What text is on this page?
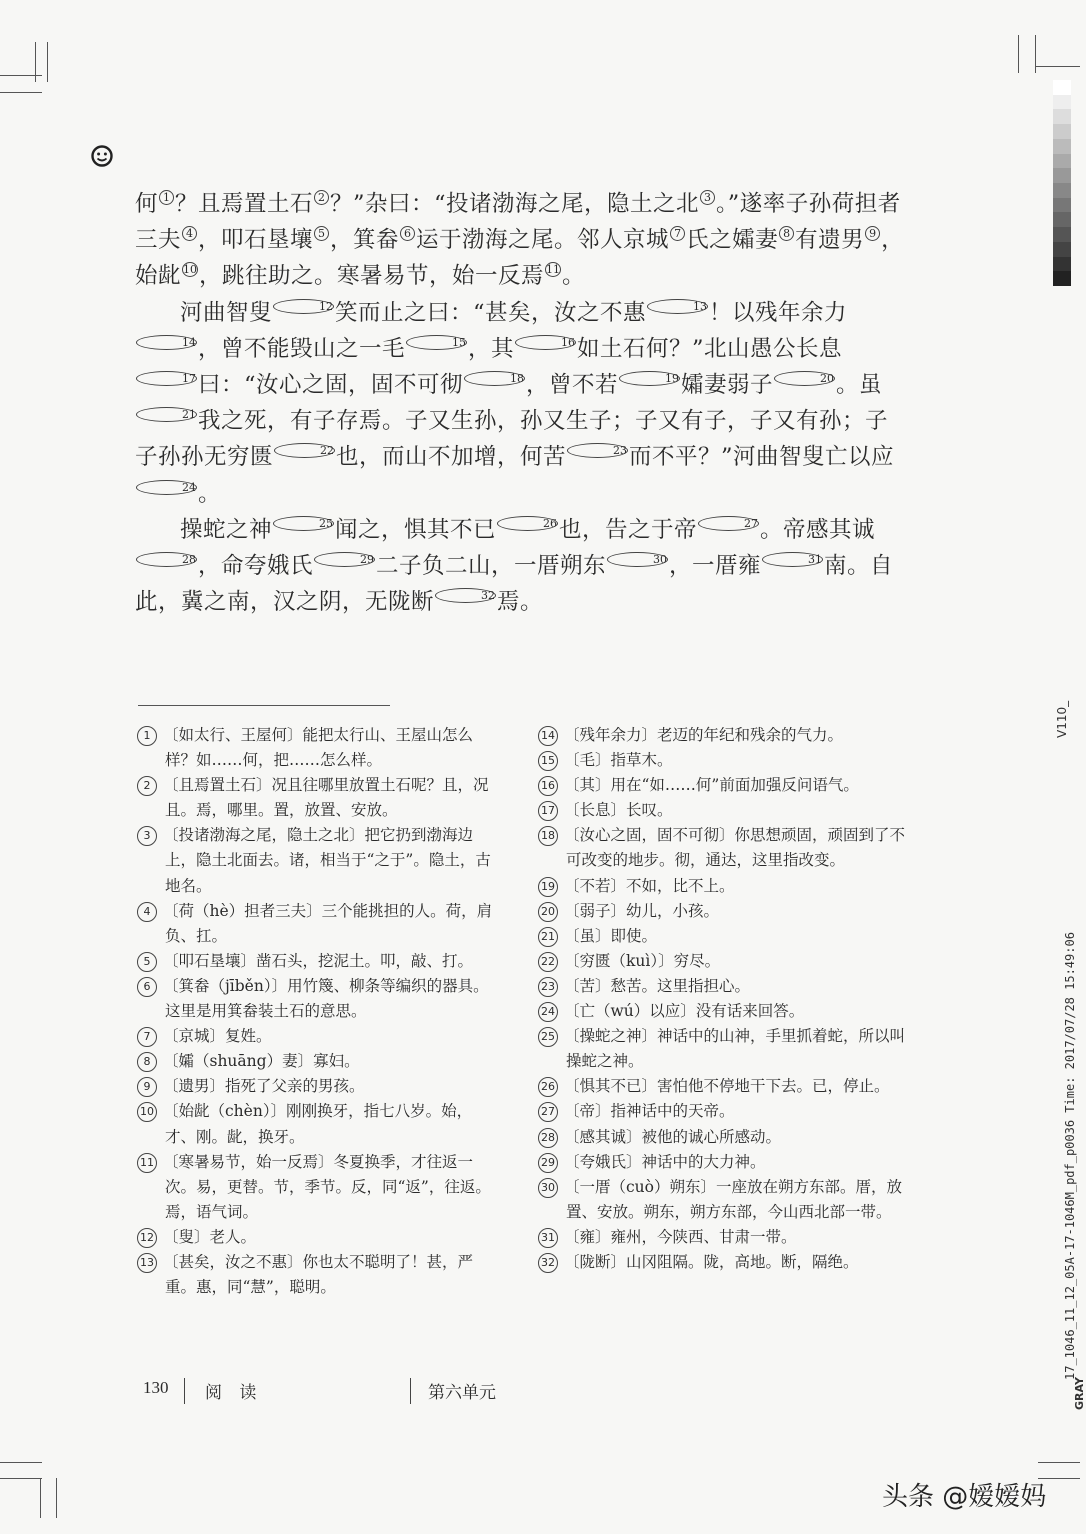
何 1 ？且焉置土石 2 ？”杂曰：“投诸渤海之尾，隐土之北 3 。”遂率子孙荷担者三夫 4 ，叩石垦壤 5 ，箕畚 6 运于渤海之尾。邻人京城 7 氏之孀妻 8 有遗男 9 ，始龀 10，跳往助之。寒暑易节，始一反焉 11。

河曲智叟	12笑而止之曰：“甚矣，汝之不惠	13！以残年余力14，曾不能毁山之一毛	15，其	16如土石何？”北山愚公长息17曰：“汝心之固，固不可彻	18，曾不若	19孀妻弱子	20。虽21我之死，有子存焉。子又生孙，孙又生子；子又有子，子又有孙；子子孙孙无穷匮	22也，而山不加增，何苦	23而不平？”河曲智叟亡以应24。

操蛇之神	25闻之，惧其不已	26也，告之于帝	27。帝感其诚28，命夸娥氏	29二子负二山，一厝朔东	30，一厝雍	31南。自此，冀之南，汉之阴，无陇断	32焉。

1 〔如太行、王屋何〕能把太行山、王屋山怎么样？如……何，把……怎么样。

2 〔且焉置土石〕况且往哪里放置土石呢？且，况且。焉，哪里。置，放置、安放。

3 〔投诸渤海之尾，隐土之北〕把它扔到渤海边上，隐土北面去。诸，相当于“之于”。隐土，古地名。

4 〔荷（hè）担者三夫〕三个能挑担的人。荷，肩负、扛。

5 〔叩石垦壤〕凿石头，挖泥土。叩，敲、打。

6 〔箕畚（jīběn）〕用竹篾、柳条等编织的器具。这里是用箕畚装土石的意思。

7 〔京城〕复姓。

8 〔孀（shuāng）妻〕寡妇。

9 〔遗男〕指死了父亲的男孩。

10 〔始龀（chèn）〕刚刚换牙，指七八岁。始，才、刚。龀，换牙。

11 〔寒暑易节，始一反焉〕冬夏换季，才往返一次。易，更替。节，季节。反，同“返”，往返。焉，语气词。

12 〔叟〕老人。

13 〔甚矣，汝之不惠〕你也太不聪明了！甚，严重。惠，同“慧”，聪明。

14 〔残年余力〕老迈的年纪和残余的气力。

15 〔毛〕指草木。

16 〔其〕用在“如……何”前面加强反问语气。

17 〔长息〕长叹。

18 〔汝心之固，固不可彻〕你思想顽固，顽固到了不可改变的地步。彻，通达，这里指改变。

19 〔不若〕不如，比不上。

20 〔弱子〕幼儿，小孩。

21 〔虽〕即使。

22 〔穷匮（kuì）〕穷尽。

23 〔苦〕愁苦。这里指担心。

24 〔亡（wú）以应〕没有话来回答。

25 〔操蛇之神〕神话中的山神，手里抓着蛇，所以叫操蛇之神。

26 〔惧其不已〕害怕他不停地干下去。已，停止。

27 〔帝〕指神话中的天帝。

28 〔感其诚〕被他的诚心所感动。

29 〔夸娥氏〕神话中的大力神。

30 〔一厝（cuò）朔东〕一座放在朔方东部。厝，放置、安放。朔东，朔方东部，今山西北部一带。

31 〔雍〕雍州，今陕西、甘肃一带。

32 〔陇断〕山冈阻隔。陇，高地。断，隔绝。

V110_
17_1046_11_12_05A-17-1046M_pdf_p0036 Time: 2017/07/28 15:49:06
GRAY
130 阅 读	第六单元
头条 @嫒嫒妈
